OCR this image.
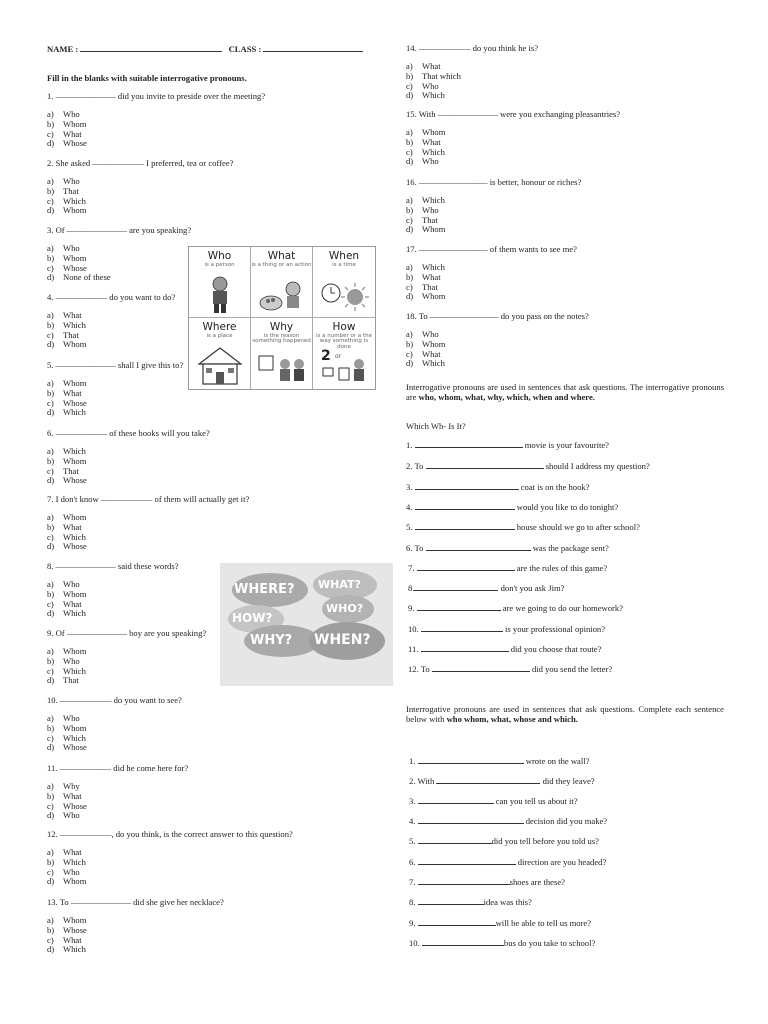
NAME :	CLASS :
Fill in the blanks with suitable interrogative pronouns.
1. ——————— did you invite to preside over the meeting?
a) Who
b) Whom
c) What
d) Whose
2. She asked —————— I preferred, tea or coffee?
a) Who
b) That
c) Which
d) Whom
3. Of ——————— are you speaking?
a) Who
b) Whom
c) Whose
d) None of these
4. —————— do you want to do?
a) What
b) Which
c) That
d) Whom
5. ——————— shall I give this to?
a) Whom
b) What
c) Whose
d) Which
6. —————— of these books will you take?
a) Which
b) Whom
c) That
d) Whose
7. I don't know —————— of them will actually get it?
a) Whom
b) What
c) Which
d) Whose
8. ——————— said these words?
a) Who
b) Whom
c) What
d) Which
9. Of ——————— boy are you speaking?
a) Whom
b) Who
c) Which
d) That
10. —————— do you want to see?
a) Who
b) Whom
c) Which
d) Whose
11. —————— did he come here for?
a) Why
b) What
c) Whose
d) Who
12. ——————, do you think, is the correct answer to this question?
a) What
b) Which
c) Who
d) Whom
13. To ——————— did she give her necklace?
a) Whom
b) Whose
c) What
d) Which
14. —————— do you think he is?
a) What
b) That which
c) Who
d) Which
15. With ——————— were you exchanging pleasantries?
a) Whom
b) What
c) Which
d) Who
16. ———————— is better, honour or riches?
a) Which
b) Who
c) That
d) Whom
17. ———————— of them wants to see me?
a) Which
b) What
c) That
d) Whom
18. To ———————— do you pass on the notes?
a) Who
b) Whom
c) What
d) Which
Who
is a person
What
is a thing or an action
When
is a time
Where
is a place
Why
is the reason something happened
How
is a number or a the way something is done
2 or
WHERE? WHAT?
HOW?
WHO?
WHY? WHEN?
Interrogative pronouns are used in sentences that ask questions. The interrogative pronouns are who, whom, what, why, which, when and where.
Which Wh- Is It?
1.	movie is your favourite?
2. To	should I address my question?
3.	coat is on the hook?
4.	would you like to do tonight?
5.	house should we go to after school?
6. To	was the package sent?
7.	are the rules of this game?
8.	don't you ask Jim?
9.	are we going to do our homework?
10.	is your professional opinion?
11.	did you choose that route?
12. To	did you send the letter?
Interrogative pronouns are used in sentences that ask questions. Complete each sentence below with who whom, what, whose and which.
1.	wrote on the wall?
2. With	did they leave?
3.	can you tell us about it?
4.	decision did you make?
5.	did you tell before you told us?
6.	direction are you headed?
7.	shoes are these?
8.	idea was this?
9.	will be able to tell us more?
10.	bus do you take to school?
